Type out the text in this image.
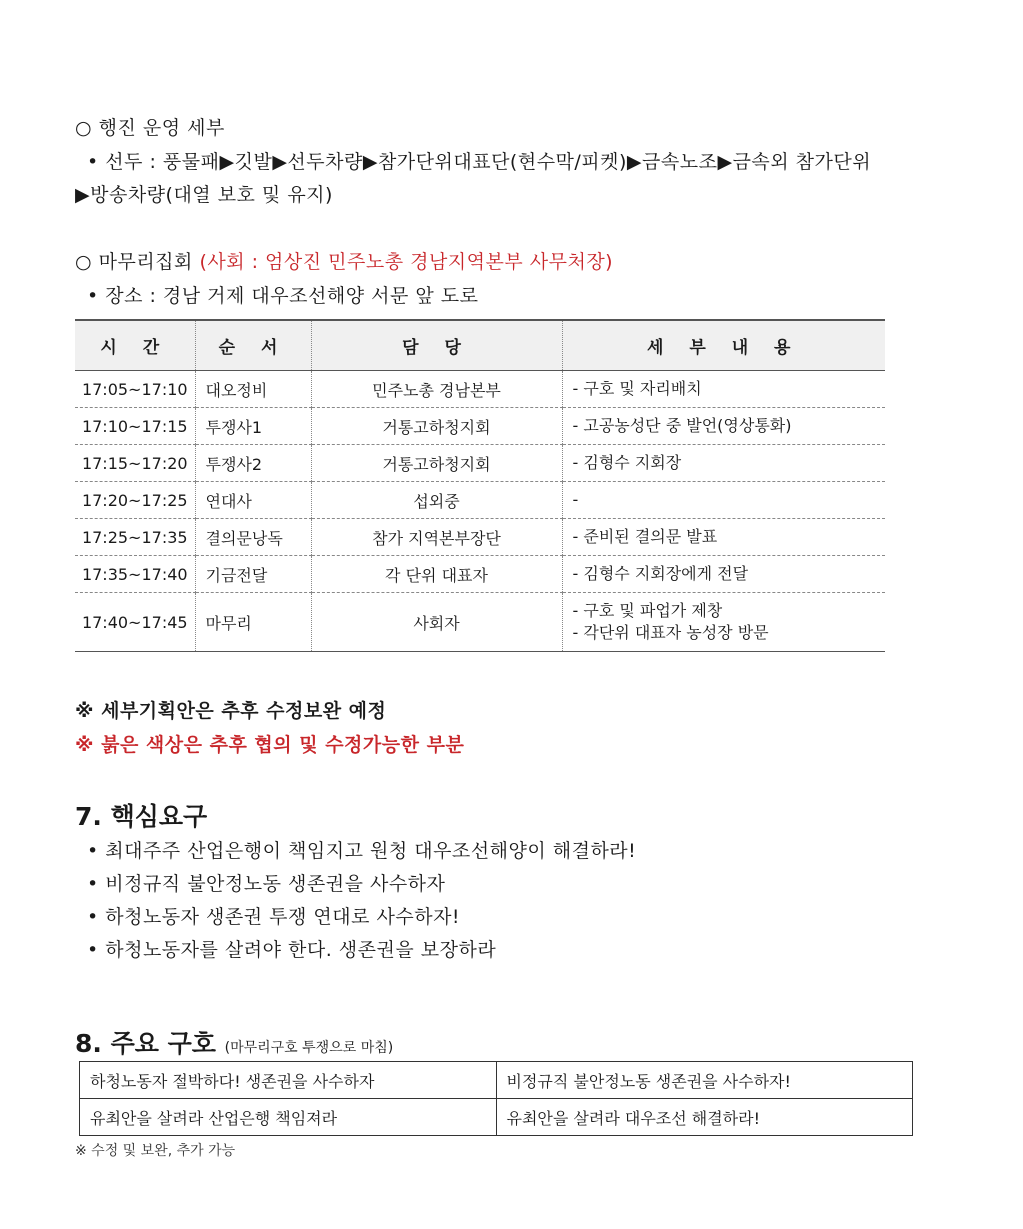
○ 행진 운영 세부
• 선두 : 풍물패▶깃발▶선두차량▶참가단위대표단(현수막/피켓)▶금속노조▶금속외 참가단위
▶방송차량(대열 보호 및 유지)
○ 마무리집회 (사회 : 엄상진 민주노총 경남지역본부 사무처장)
• 장소 : 경남 거제 대우조선해양 서문 앞 도로
시 간	순 서	담 당	세 부 내 용
17:05~17:10	대오정비	민주노총 경남본부	- 구호 및 자리배치

17:10~17:15	투쟁사1	거통고하청지회	- 고공농성단 중 발언(영상통화)

17:15~17:20	투쟁사2	거통고하청지회	- 김형수 지회장

17:20~17:25	연대사	섭외중	-

17:25~17:35	결의문낭독	참가 지역본부장단	- 준비된 결의문 발표

17:35~17:40	기금전달	각 단위 대표자	- 김형수 지회장에게 전달

17:40~17:45	마무리	사회자	- 구호 및 파업가 제창
- 각단위 대표자 농성장 방문
※ 세부기획안은 추후 수정보완 예정
※ 붉은 색상은 추후 협의 및 수정가능한 부분
7. 핵심요구
• 최대주주 산업은행이 책임지고 원청 대우조선해양이 해결하라!
• 비정규직 불안정노동 생존권을 사수하자
• 하청노동자 생존권 투쟁 연대로 사수하자!
• 하청노동자를 살려야 한다. 생존권을 보장하라
8. 주요 구호 (마무리구호 투쟁으로 마침)
하청노동자 절박하다! 생존권을 사수하자	비정규직 불안정노동 생존권을 사수하자!
유최안을 살려라 산업은행 책임져라	유최안을 살려라 대우조선 해결하라!
※ 수정 및 보완, 추가 가능
